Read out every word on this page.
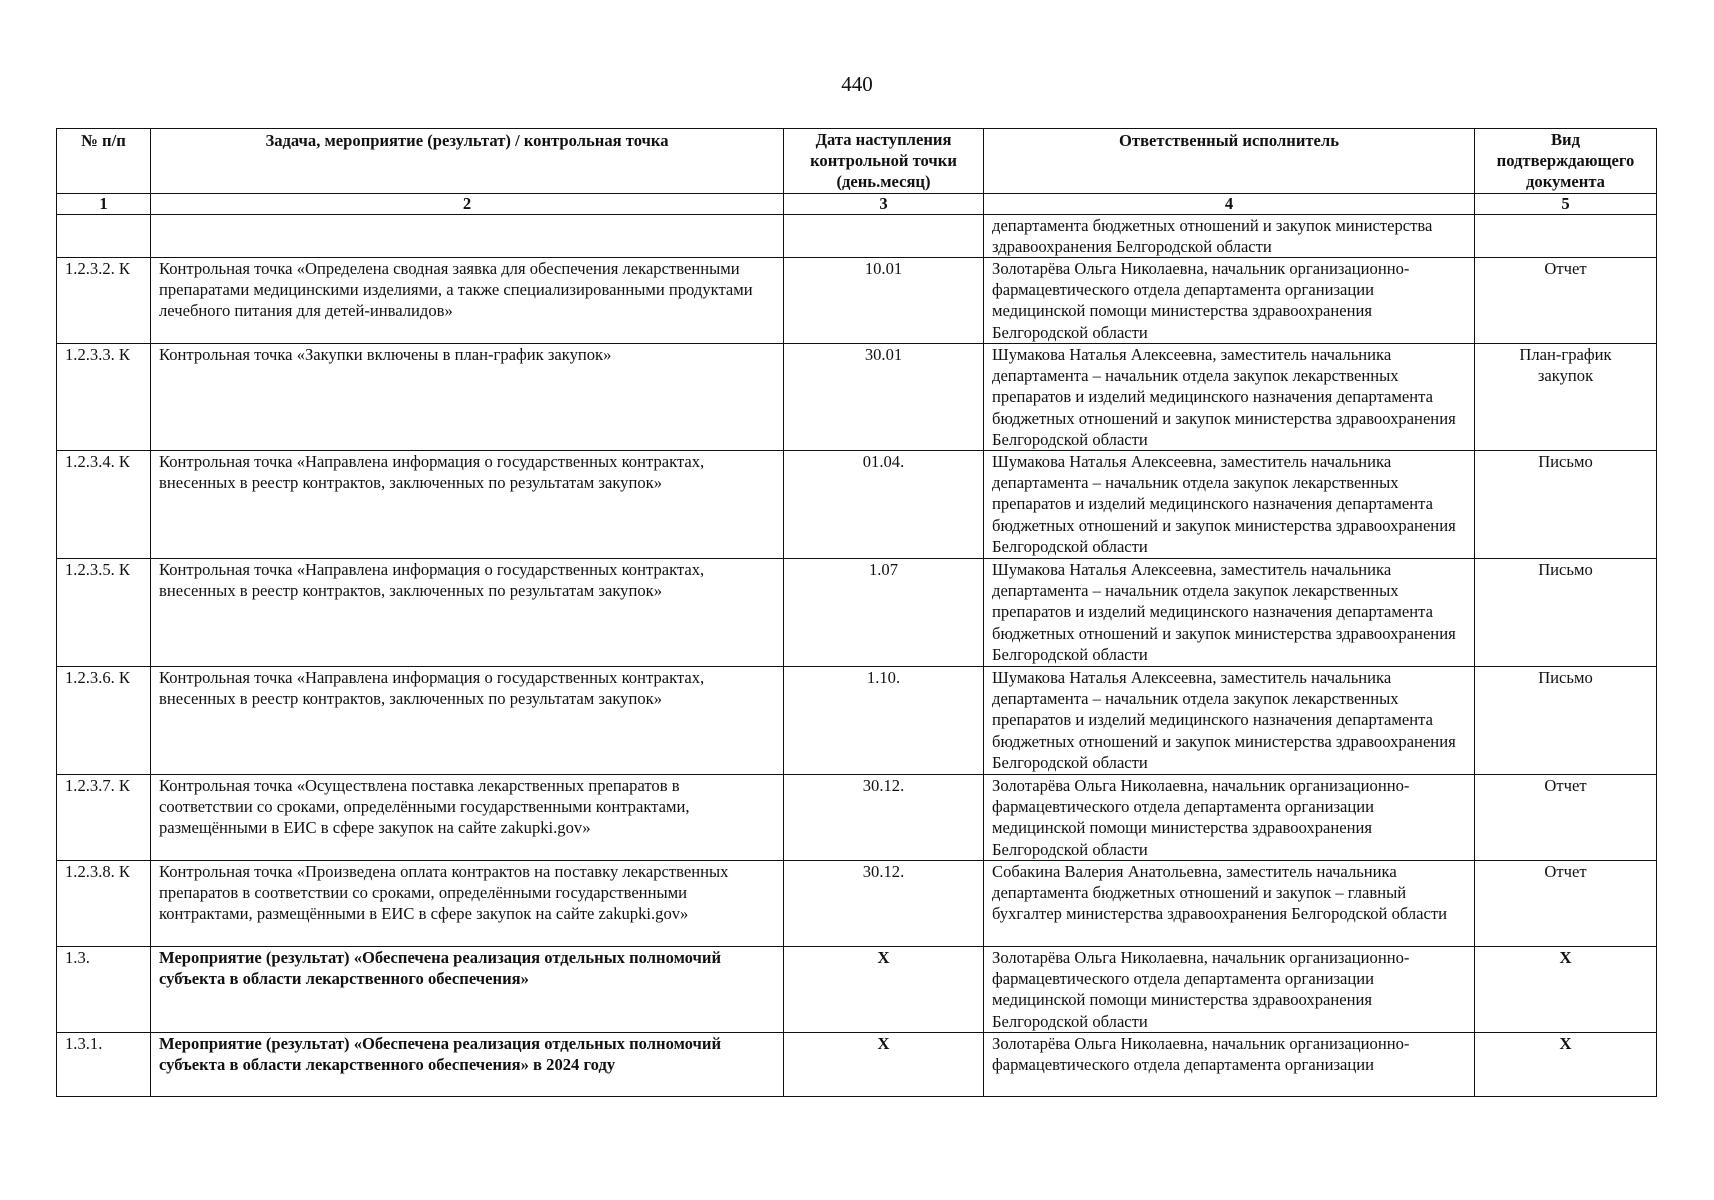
440
№ п/п	Задача, мероприятие (результат) / контрольная точка	Дата наступления контрольной точки (день.месяц)	Ответственный исполнитель	Вид подтверждающего документа
1	2	3	4	5
			департамента бюджетных отношений и закупок министерства здравоохранения Белгородской области	
1.2.3.2. К	Контрольная точка «Определена сводная заявка для обеспечения лекарственными препаратами медицинскими изделиями, а также специализированными продуктами лечебного питания для детей-инвалидов»	10.01	Золотарёва Ольга Николаевна, начальник организационно-фармацевтического отдела департамента организации медицинской помощи министерства здравоохранения Белгородской области	Отчет
1.2.3.3. К	Контрольная точка «Закупки включены в план-график закупок»	30.01	Шумакова Наталья Алексеевна, заместитель начальника департамента – начальник отдела закупок лекарственных препаратов и изделий медицинского назначения департамента бюджетных отношений и закупок министерства здравоохранения Белгородской области	План-график закупок
1.2.3.4. К	Контрольная точка «Направлена информация о государственных контрактах, внесенных в реестр контрактов, заключенных по результатам закупок»	01.04.	Шумакова Наталья Алексеевна, заместитель начальника департамента – начальник отдела закупок лекарственных препаратов и изделий медицинского назначения департамента бюджетных отношений и закупок министерства здравоохранения Белгородской области	Письмо
1.2.3.5. К	Контрольная точка «Направлена информация о государственных контрактах, внесенных в реестр контрактов, заключенных по результатам закупок»	1.07	Шумакова Наталья Алексеевна, заместитель начальника департамента – начальник отдела закупок лекарственных препаратов и изделий медицинского назначения департамента бюджетных отношений и закупок министерства здравоохранения Белгородской области	Письмо
1.2.3.6. К	Контрольная точка «Направлена информация о государственных контрактах, внесенных в реестр контрактов, заключенных по результатам закупок»	1.10.	Шумакова Наталья Алексеевна, заместитель начальника департамента – начальник отдела закупок лекарственных препаратов и изделий медицинского назначения департамента бюджетных отношений и закупок министерства здравоохранения Белгородской области	Письмо
1.2.3.7. К	Контрольная точка «Осуществлена поставка лекарственных препаратов в соответствии со сроками, определёнными государственными контрактами, размещёнными в ЕИС в сфере закупок на сайте zakupki.gov»	30.12.	Золотарёва Ольга Николаевна, начальник организационно-фармацевтического отдела департамента организации медицинской помощи министерства здравоохранения Белгородской области	Отчет
1.2.3.8. К	Контрольная точка «Произведена оплата контрактов на поставку лекарственных препаратов в соответствии со сроками, определёнными государственными контрактами, размещёнными в ЕИС в сфере закупок на сайте zakupki.gov»	30.12.	Собакина Валерия Анатольевна, заместитель начальника департамента бюджетных отношений и закупок – главный бухгалтер министерства здравоохранения Белгородской области	Отчет
1.3.	Мероприятие (результат) «Обеспечена реализация отдельных полномочий субъекта в области лекарственного обеспечения»	X	Золотарёва Ольга Николаевна, начальник организационно-фармацевтического отдела департамента организации медицинской помощи министерства здравоохранения Белгородской области	X
1.3.1.	Мероприятие (результат) «Обеспечена реализация отдельных полномочий субъекта в области лекарственного обеспечения» в 2024 году	X	Золотарёва Ольга Николаевна, начальник организационно-фармацевтического отдела департамента организации	X
